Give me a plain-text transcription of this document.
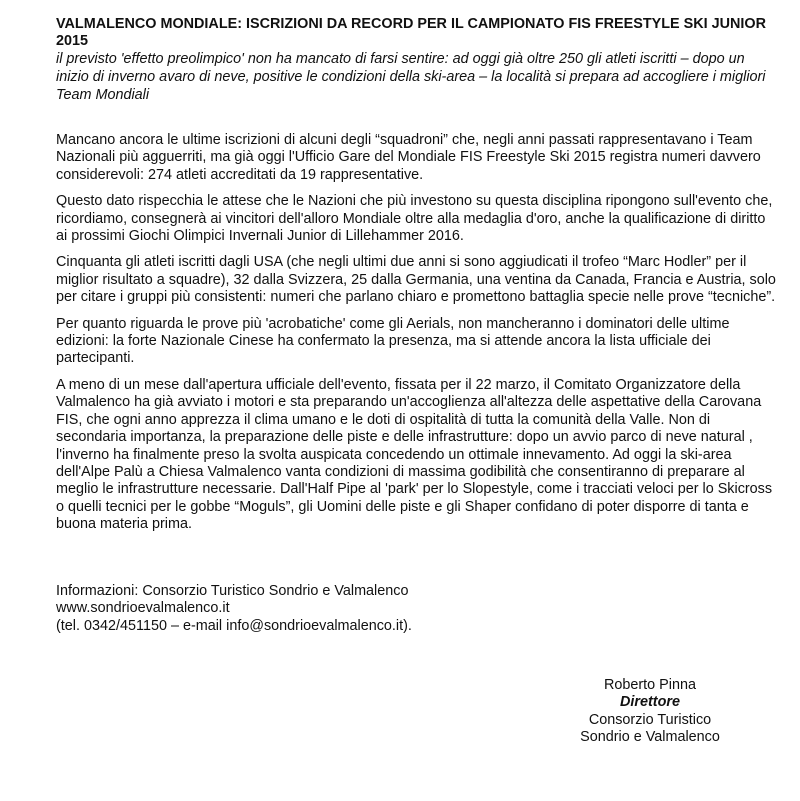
VALMALENCO MONDIALE: ISCRIZIONI DA RECORD PER IL CAMPIONATO FIS FREESTYLE SKI JUNIOR 2015

il previsto 'effetto preolimpico' non ha mancato di farsi sentire: ad oggi già oltre 250 gli atleti iscritti – dopo un inizio di inverno avaro di neve, positive le condizioni della ski-area – la località si prepara ad accogliere i migliori Team Mondiali

Mancano ancora le ultime iscrizioni di alcuni degli “squadroni” che, negli anni passati rappresentavano i Team Nazionali più agguerriti, ma già oggi l'Ufficio Gare del Mondiale FIS Freestyle Ski 2015 registra numeri davvero considerevoli: 274 atleti accreditati da 19 rappresentative.

Questo dato rispecchia le attese che le Nazioni che più investono su questa disciplina ripongono sull'evento che, ricordiamo, consegnerà ai vincitori dell'alloro Mondiale oltre alla medaglia d'oro, anche la qualificazione di diritto ai prossimi Giochi Olimpici Invernali Junior di Lillehammer 2016.

Cinquanta gli atleti iscritti dagli USA (che negli ultimi due anni si sono aggiudicati il trofeo “Marc Hodler” per il miglior risultato a squadre), 32 dalla Svizzera, 25 dalla Germania, una ventina da Canada, Francia e Austria, solo per citare i gruppi più consistenti: numeri che parlano chiaro e promettono battaglia specie nelle prove “tecniche”.

Per quanto riguarda le prove più 'acrobatiche' come gli Aerials, non mancheranno i dominatori delle ultime edizioni: la forte Nazionale Cinese ha confermato la presenza, ma si attende ancora la lista ufficiale dei partecipanti.

A meno di un mese dall'apertura ufficiale dell'evento, fissata per il 22 marzo, il Comitato Organizzatore della Valmalenco ha già avviato i motori e sta preparando un'accoglienza all'altezza delle aspettative della Carovana FIS, che ogni anno apprezza il clima umano e le doti di ospitalità di tutta la comunità della Valle. Non di secondaria importanza, la preparazione delle piste e delle infrastrutture: dopo un avvio parco di neve natural , l'inverno ha finalmente preso la svolta auspicata concedendo un ottimale innevamento. Ad oggi la ski-area dell'Alpe Palù a Chiesa Valmalenco vanta condizioni di massima godibilità che consentiranno di preparare al meglio le infrastrutture necessarie. Dall'Half Pipe al 'park' per lo Slopestyle, come i tracciati veloci per lo Skicross o quelli tecnici per le gobbe “Moguls”, gli Uomini delle piste e gli Shaper confidano di poter disporre di tanta e buona materia prima.

Informazioni: Consorzio Turistico Sondrio e Valmalenco
www.sondrioevalmalenco.it
(tel. 0342/451150 – e-mail info@sondrioevalmalenco.it).
Roberto Pinna
Direttore
Consorzio Turistico
Sondrio e Valmalenco
